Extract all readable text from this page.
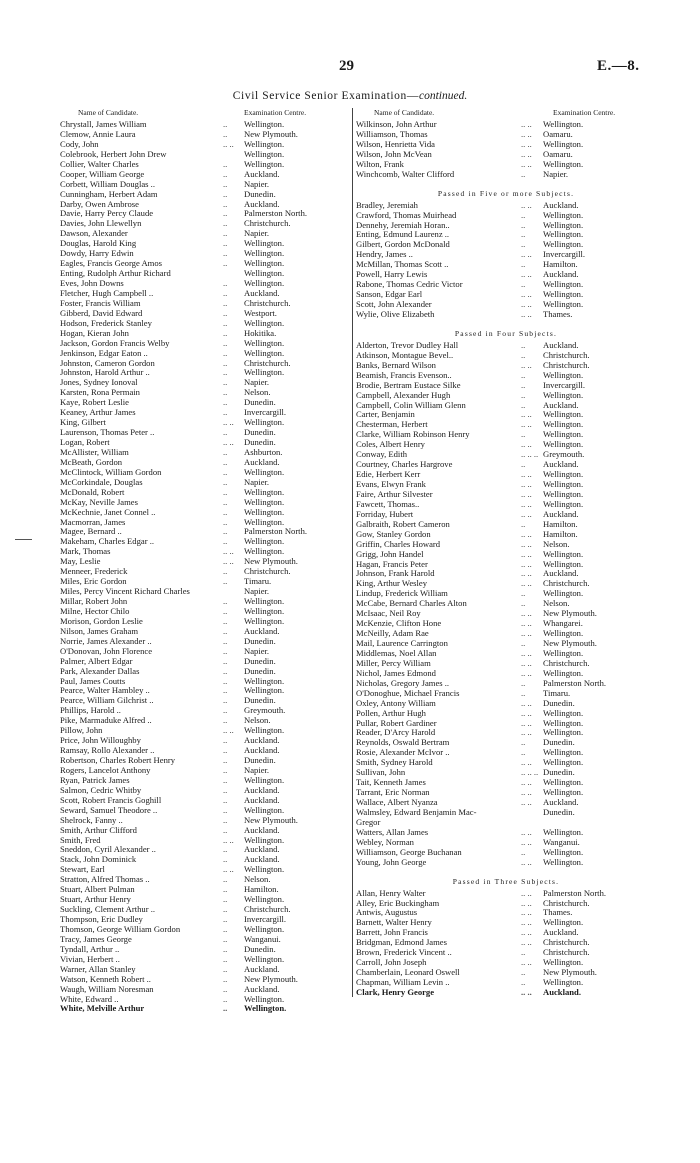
29	E.—8.
Civil Service Senior Examination—continued.
Name of Candidate.	Examination Centre.
Chrystall, James William	.. Wellington.
Clemow, Annie Laura	.. New Plymouth.
Cody, John	.. .. Wellington.
Colebrook, Herbert John Drew	Wellington.
Collier, Walter Charles	.. Wellington.
Cooper, William George	.. Auckland.
Corbett, William Douglas ..	.. Napier.
Cunningham, Herbert Adam	.. Dunedin.
Darby, Owen Ambrose	.. Auckland.
Davie, Harry Percy Claude	.. Palmerston North.
Davies, John Llewellyn	.. Christchurch.
Dawson, Alexander	.. Napier.
Douglas, Harold King	.. Wellington.
Dowdy, Harry Edwin	.. Wellington.
Eagles, Francis George Amos	.. Wellington.
Enting, Rudolph Arthur Richard	Wellington.
Eves, John Downs	.. Wellington.
Fletcher, Hugh Campbell ..	.. Auckland.
Foster, Francis William	.. Christchurch.
Gibberd, David Edward	.. Westport.
Hodson, Frederick Stanley	.. Wellington.
Hogan, Kieran John	.. Hokitika.
Jackson, Gordon Francis Welby	.. Wellington.
Jenkinson, Edgar Eaton ..	.. Wellington.
Johnston, Cameron Gordon	.. Christchurch.
Johnston, Harold Arthur ..	.. Wellington.
Jones, Sydney Ionoval	.. Napier.
Karsten, Rona Permain	.. Nelson.
Kaye, Robert Leslie	.. Dunedin.
Keaney, Arthur James	.. Invercargill.
King, Gilbert	.. .. Wellington.
Laurenson, Thomas Peter ..	.. Dunedin.
Logan, Robert	.. .. Dunedin.
McAllister, William	.. Ashburton.
McBeath, Gordon	.. Auckland.
McClintock, William Gordon	.. Wellington.
McCorkindale, Douglas	.. Napier.
McDonald, Robert	.. Wellington.
McKay, Neville James	.. Wellington.
McKechnie, Janet Connel ..	.. Wellington.
Macmorran, James	.. Wellington.
Magee, Bernard ..	.. Palmerston North.
Makeham, Charles Edgar ..	.. Wellington.
Mark, Thomas	.. .. Wellington.
May, Leslie	.. .. New Plymouth.
Menneer, Frederick	.. Christchurch.
Miles, Eric Gordon	.. Timaru.
Miles, Percy Vincent Richard Charles	Napier.
Millar, Robert John	.. Wellington.
Milne, Hector Chilo	.. Wellington.
Morison, Gordon Leslie	.. Wellington.
Nilson, James Graham	.. Auckland.
Norrie, James Alexander ..	.. Dunedin.
O'Donovan, John Florence	.. Napier.
Palmer, Albert Edgar	.. Dunedin.
Park, Alexander Dallas	.. Dunedin.
Paul, James Coutts	.. Wellington.
Pearce, Walter Hambley ..	.. Wellington.
Pearce, William Gilchrist ..	.. Dunedin.
Phillips, Harold ..	.. Greymouth.
Pike, Marmaduke Alfred ..	.. Nelson.
Pillow, John	.. .. Wellington.
Price, John Willoughby	.. Auckland.
Ramsay, Rollo Alexander ..	.. Auckland.
Robertson, Charles Robert Henry	.. Dunedin.
Rogers, Lancelot Anthony	.. Napier.
Ryan, Patrick James	.. Wellington.
Salmon, Cedric Whitby	.. Auckland.
Scott, Robert Francis Goghill	.. Auckland.
Seward, Samuel Theodore ..	.. Wellington.
Shelrock, Fanny ..	.. New Plymouth.
Smith, Arthur Clifford	.. Auckland.
Smith, Fred	.. .. Wellington.
Sneddon, Cyril Alexander ..	.. Auckland.
Stack, John Dominick	.. Auckland.
Stewart, Earl	.. .. Wellington.
Stratton, Alfred Thomas ..	.. Nelson.
Stuart, Albert Pulman	.. Hamilton.
Stuart, Arthur Henry	.. Wellington.
Suckling, Clement Arthur ..	.. Christchurch.
Thompson, Eric Dudley	.. Invercargill.
Thomson, George William Gordon	.. Wellington.
Tracy, James George	.. Wanganui.
Tyndall, Arthur ..	.. Dunedin.
Vivian, Herbert ..	.. Wellington.
Warner, Allan Stanley	.. Auckland.
Watson, Kenneth Robert ..	.. New Plymouth.
Waugh, William Noresman	.. Auckland.
White, Edward ..	.. Wellington.
White, Melville Arthur	.. Wellington.
Name of Candidate.	Examination Centre.
Wilkinson, John Arthur	.. .. Wellington.
Williamson, Thomas	.. .. Oamaru.
Wilson, Henrietta Vida	.. .. Wellington.
Wilson, John McVean	.. .. Oamaru.
Wilton, Frank	.. .. Wellington.
Winchcomb, Walter Clifford	.. Napier.
Passed in Five or more Subjects.
Bradley, Jeremiah	.. .. Auckland.
Crawford, Thomas Muirhead	.. Wellington.
Dennehy, Jeremiah Horan..	.. Wellington.
Enting, Edmund Laurenz ..	.. Wellington.
Gilbert, Gordon McDonald	.. Wellington.
Hendry, James ..	.. .. Invercargill.
McMillan, Thomas Scott ..	.. Hamilton.
Powell, Harry Lewis	.. .. Auckland.
Rabone, Thomas Cedric Victor	.. Wellington.
Sanson, Edgar Earl	.. .. Wellington.
Scott, John Alexander	.. .. Wellington.
Wylie, Olive Elizabeth	.. .. Thames.
Passed in Four Subjects.
Alderton, Trevor Dudley Hall	.. Auckland.
Atkinson, Montague Bevel..	.. Christchurch.
Banks, Bernard Wilson	.. .. Christchurch.
Beamish, Francis Evenson..	.. Wellington.
Brodie, Bertram Eustace Silke	.. Invercargill.
Campbell, Alexander Hugh	.. Wellington.
Campbell, Colin William Glenn	.. Auckland.
Carter, Benjamin	.. .. Wellington.
Chesterman, Herbert	.. .. Wellington.
Clarke, William Robinson Henry	.. Wellington.
Coles, Albert Henry	.. .. Wellington.
Conway, Edith	.. .. .. Greymouth.
Courtney, Charles Hargrove	.. Auckland.
Edie, Herbert Kerr	.. .. Wellington.
Evans, Elwyn Frank	.. .. Wellington.
Faire, Arthur Silvester	.. .. Wellington.
Fawcett, Thomas..	.. .. Wellington.
Forriday, Hubert	.. .. Auckland.
Galbraith, Robert Cameron	.. Hamilton.
Gow, Stanley Gordon	.. .. Hamilton.
Griffin, Charles Howard	.. .. Nelson.
Grigg, John Handel	.. .. Wellington.
Hagan, Francis Peter	.. .. Wellington.
Johnson, Frank Harold	.. .. Auckland.
King, Arthur Wesley	.. .. Christchurch.
Lindup, Frederick William	.. Wellington.
McCabe, Bernard Charles Alton	.. Nelson.
McIsaac, Neil Roy	.. .. New Plymouth.
McKenzie, Clifton Hone	.. .. Whangarei.
McNeilly, Adam Rae	.. .. Wellington.
Mail, Laurence Carrington	.. New Plymouth.
Middlemas, Noel Allan	.. .. Wellington.
Miller, Percy William	.. .. Christchurch.
Nichol, James Edmond	.. .. Wellington.
Nicholas, Gregory James ..	.. Palmerston North.
O'Donoghue, Michael Francis	.. Timaru.
Oxley, Antony William	.. .. Dunedin.
Pollen, Arthur Hugh	.. .. Wellington.
Pullar, Robert Gardiner	.. .. Wellington.
Reader, D'Arcy Harold	.. .. Wellington.
Reynolds, Oswald Bertram	.. Dunedin.
Rosie, Alexander McIvor ..	.. Wellington.
Smith, Sydney Harold	.. .. Wellington.
Sullivan, John	.. .. .. Dunedin.
Tait, Kenneth James	.. .. Wellington.
Tarrant, Eric Norman	.. .. Wellington.
Wallace, Albert Nyanza	.. .. Auckland.
Walmsley, Edward Benjamin Mac-	Dunedin.
Gregor
Watters, Allan James	.. .. Wellington.
Webley, Norman	.. .. Wanganui.
Williamson, George Buchanan	.. Wellington.
Young, John George	.. .. Wellington.
Passed in Three Subjects.
Allan, Henry Walter	.. .. Palmerston North.
Alley, Eric Buckingham	.. .. Christchurch.
Antwis, Augustus	.. .. Thames.
Barnett, Walter Henry	.. .. Wellington.
Barrett, John Francis	.. .. Auckland.
Bridgman, Edmond James	.. .. Christchurch.
Brown, Frederick Vincent ..	.. Christchurch.
Carroll, John Joseph	.. .. Wellington.
Chamberlain, Leonard Oswell	.. New Plymouth.
Chapman, William Levin ..	.. Wellington.
Clark, Henry George	.. .. Auckland.
